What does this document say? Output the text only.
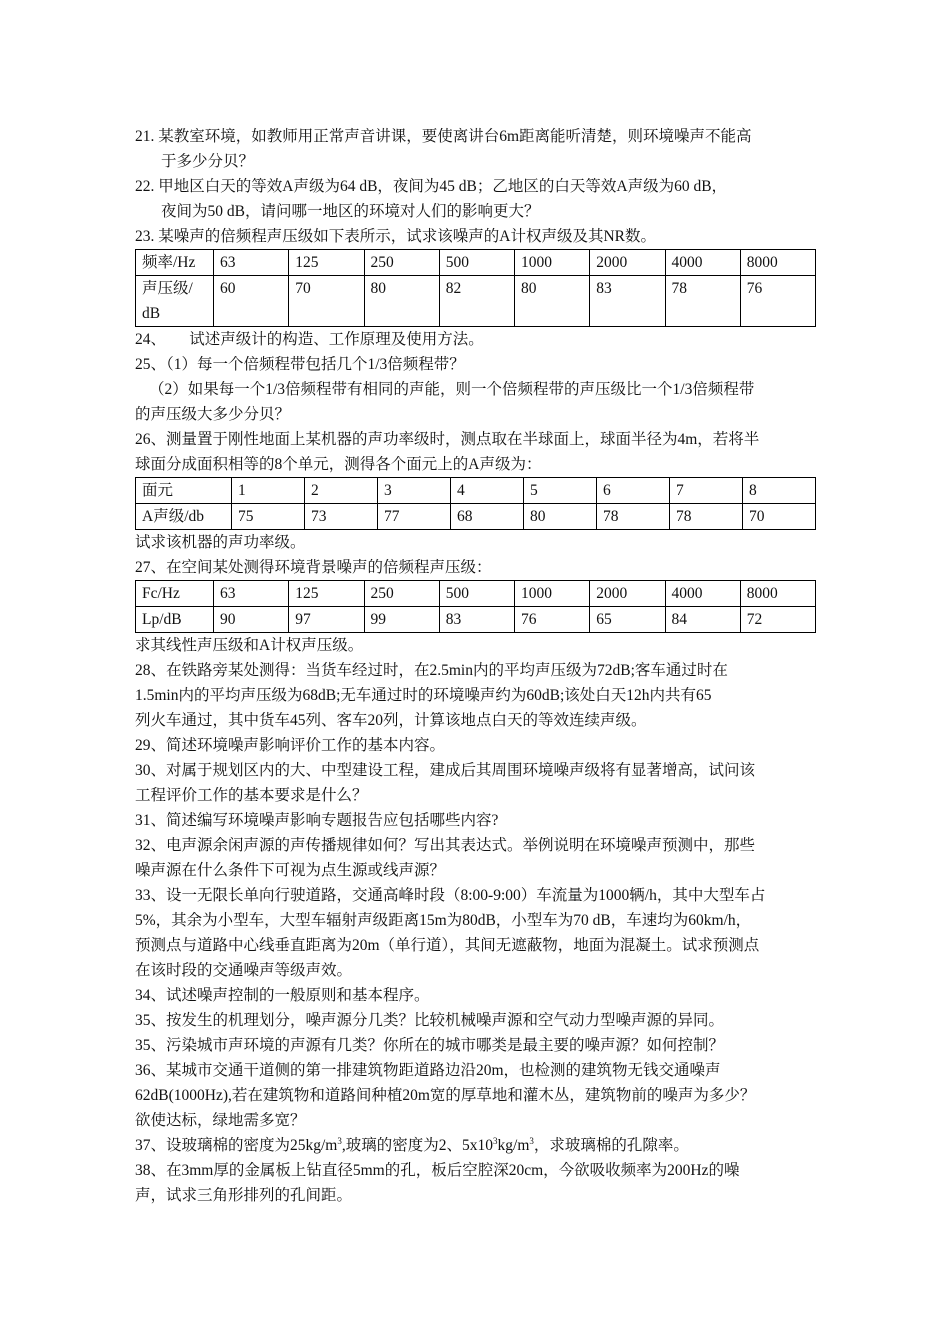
21. 某教室环境，如教师用正常声音讲课，要使离讲台6m距离能听清楚，则环境噪声不能高

于多少分贝？

22. 甲地区白天的等效A声级为64 dB，夜间为45 dB；乙地区的白天等效A声级为60 dB，

夜间为50 dB，请问哪一地区的环境对人们的影响更大？

23. 某噪声的倍频程声压级如下表所示，试求该噪声的A计权声级及其NR数。

频率/Hz	63	125	250	500	1000	2000	4000	8000
声压级/
dB	60	70	80	82	80	83	78	76

24、　　试述声级计的构造、工作原理及使用方法。

25、（1）每一个倍频程带包括几个1/3倍频程带？

（2）如果每一个1/3倍频程带有相同的声能，则一个倍频程带的声压级比一个1/3倍频程带

的声压级大多少分贝？

26、测量置于刚性地面上某机器的声功率级时，测点取在半球面上，球面半径为4m，若将半

球面分成面积相等的8个单元，测得各个面元上的A声级为：

面元	1	2	3	4	5	6	7	8
A声级/db	75	73	77	68	80	78	78	70

试求该机器的声功率级。

27、在空间某处测得环境背景噪声的倍频程声压级：

Fc/Hz	63	125	250	500	1000	2000	4000	8000
Lp/dB	90	97	99	83	76	65	84	72

求其线性声压级和A计权声压级。

28、在铁路旁某处测得：当货车经过时，在2.5min内的平均声压级为72dB;客车通过时在

1.5min内的平均声压级为68dB;无车通过时的环境噪声约为60dB;该处白天12h内共有65

列火车通过，其中货车45列、客车20列，计算该地点白天的等效连续声级。

29、简述环境噪声影响评价工作的基本内容。

30、对属于规划区内的大、中型建设工程，建成后其周围环境噪声级将有显著增高，试问该

工程评价工作的基本要求是什么？

31、简述编写环境噪声影响专题报告应包括哪些内容?

32、电声源余闲声源的声传播规律如何？写出其表达式。举例说明在环境噪声预测中，那些

噪声源在什么条件下可视为点生源或线声源？

33、设一无限长单向行驶道路，交通高峰时段（8:00-9:00）车流量为1000辆/h，其中大型车占

5%，其余为小型车，大型车辐射声级距离15m为80dB，小型车为70 dB，车速均为60km/h，

预测点与道路中心线垂直距离为20m（单行道），其间无遮蔽物，地面为混凝土。试求预测点

在该时段的交通噪声等级声效。

34、试述噪声控制的一般原则和基本程序。

35、按发生的机理划分，噪声源分几类？比较机械噪声源和空气动力型噪声源的异同。

35、污染城市声环境的声源有几类？你所在的城市哪类是最主要的噪声源？如何控制？

36、某城市交通干道侧的第一排建筑物距道路边沿20m，也检测的建筑物无钱交通噪声

62dB(1000Hz),若在建筑物和道路间种植20m宽的厚草地和灌木丛，建筑物前的噪声为多少？

欲使达标，绿地需多宽？

37、设玻璃棉的密度为$25kg/m^3$,玻璃的密度为2、$5x10^3kg/m^3$，求玻璃棉的孔隙率。

38、在3mm厚的金属板上钻直径5mm的孔，板后空腔深20cm，今欲吸收频率为200Hz的噪

声，试求三角形排列的孔间距。
